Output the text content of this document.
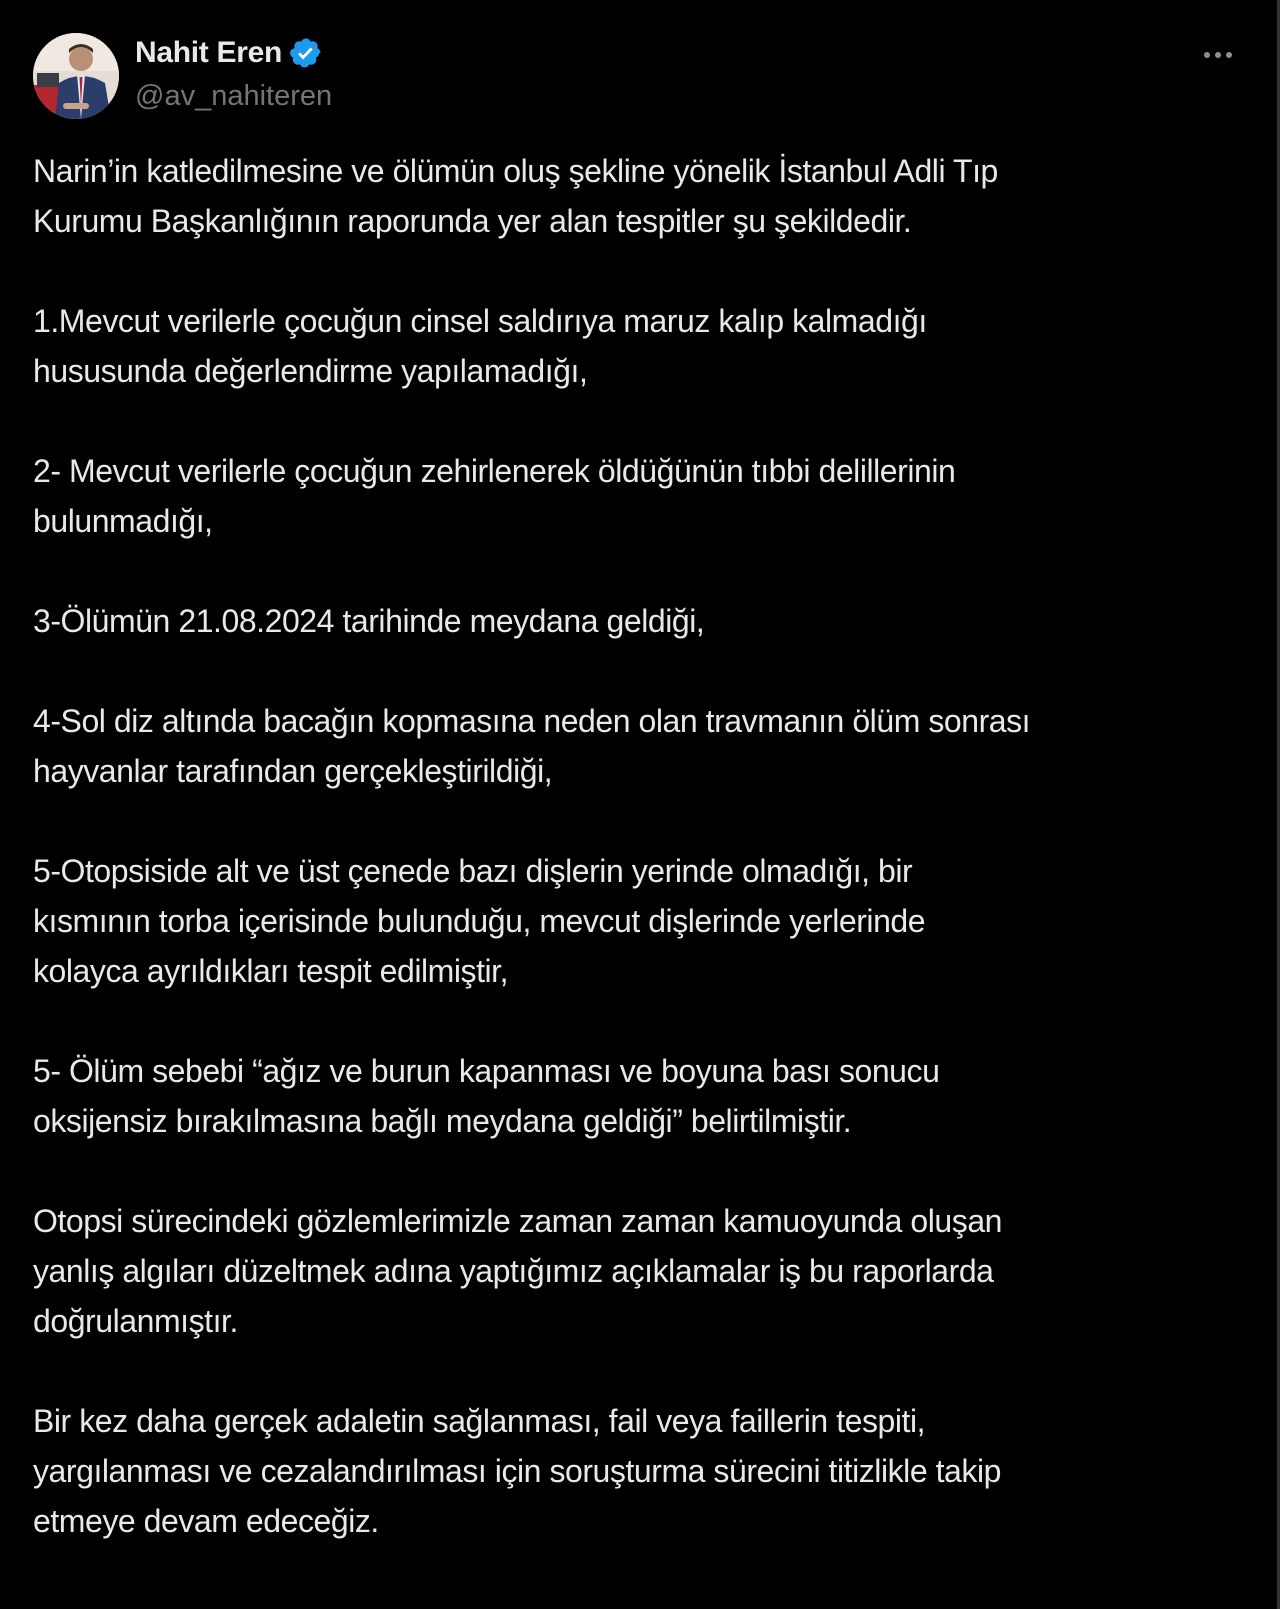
Nahit Eren
@av_nahiteren
Narin’in katledilmesine ve ölümün oluş şekline yönelik İstanbul Adli Tıp
Kurumu Başkanlığının raporunda yer alan tespitler şu şekildedir.
1.Mevcut verilerle çocuğun cinsel saldırıya maruz kalıp kalmadığı
hususunda değerlendirme yapılamadığı,
2- Mevcut verilerle çocuğun zehirlenerek öldüğünün tıbbi delillerinin
bulunmadığı,
3-Ölümün 21.08.2024 tarihinde meydana geldiği,
4-Sol diz altında bacağın kopmasına neden olan travmanın ölüm sonrası
hayvanlar tarafından gerçekleştirildiği,
5-Otopsiside alt ve üst çenede bazı dişlerin yerinde olmadığı, bir
kısmının torba içerisinde bulunduğu, mevcut dişlerinde yerlerinde
kolayca ayrıldıkları tespit edilmiştir,
5- Ölüm sebebi “ağız ve burun kapanması ve boyuna bası sonucu
oksijensiz bırakılmasına bağlı meydana geldiği” belirtilmiştir.
Otopsi sürecindeki gözlemlerimizle zaman zaman kamuoyunda oluşan
yanlış algıları düzeltmek adına yaptığımız açıklamalar iş bu raporlarda
doğrulanmıştır.
Bir kez daha gerçek adaletin sağlanması, fail veya faillerin tespiti,
yargılanması ve cezalandırılması için soruşturma sürecini titizlikle takip
etmeye devam edeceğiz.
